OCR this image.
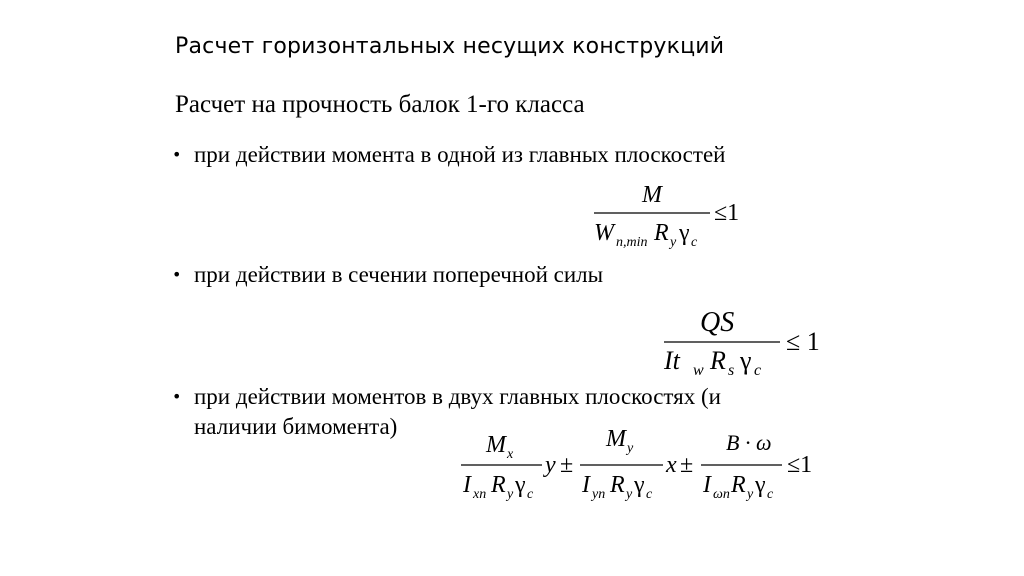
Расчет горизонтальных несущих конструкций
Расчет на прочность балок 1-го класса
• при действии момента в одной из главных плоскостей
• при действии в сечении поперечной силы
• при действии моментов в двух главных плоскостях (и
наличии бимомента)
M
W n,min R y γ c
≤1
QS
It w R s γ c
≤ 1
M x
I xn R y γ c
y ±
M y
I yn R y γ c
x ±
B · ω
I ωn R y γ c
≤1
